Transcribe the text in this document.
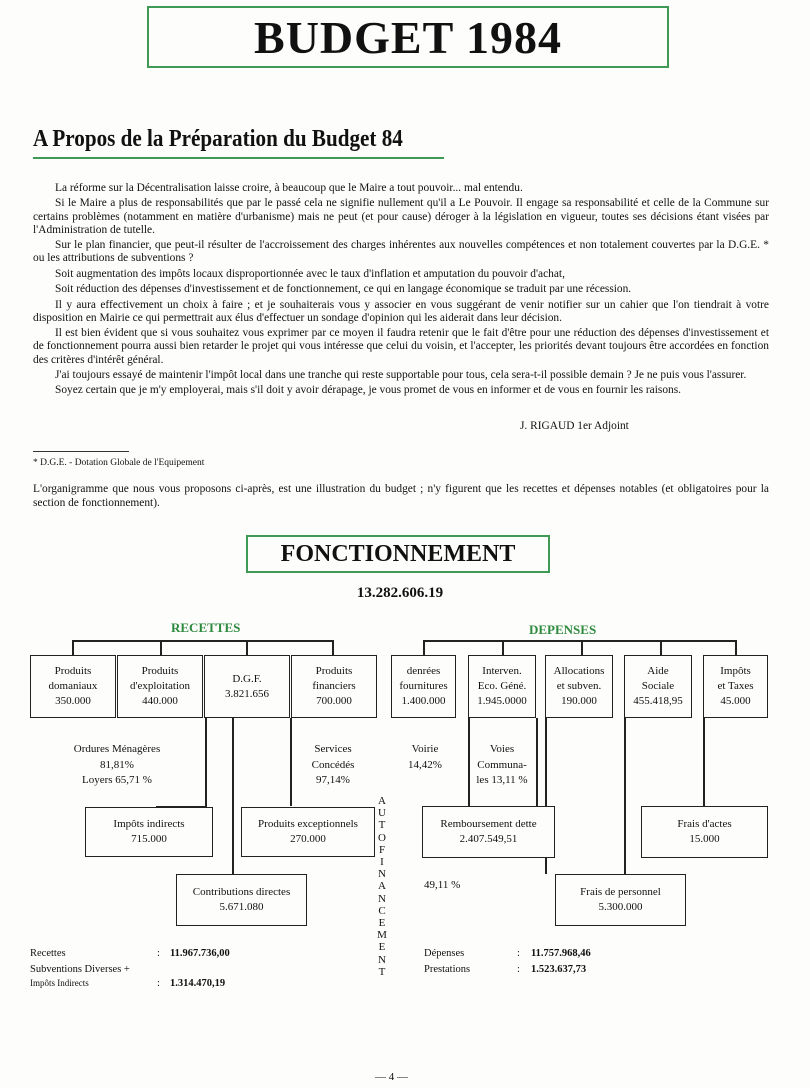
BUDGET 1984
A Propos de la Préparation du Budget 84

La réforme sur la Décentralisation laisse croire, à beaucoup que le Maire a tout pouvoir... mal entendu.

Si le Maire a plus de responsabilités que par le passé cela ne signifie nullement qu'il a Le Pouvoir. Il engage sa responsabilité et celle de la Commune sur certains problèmes (notamment en matière d'urbanisme) mais ne peut (et pour cause) déroger à la législation en vigueur, toutes ses décisions étant visées par l'Administration de tutelle.

Sur le plan financier, que peut-il résulter de l'accroissement des charges inhérentes aux nouvelles compétences et non totalement couvertes par la D.G.E. * ou les attributions de subventions ?

Soit augmentation des impôts locaux disproportionnée avec le taux d'inflation et amputation du pouvoir d'achat,

Soit réduction des dépenses d'investissement et de fonctionnement, ce qui en langage économique se traduit par une récession.

Il y aura effectivement un choix à faire ; et je souhaiterais vous y associer en vous suggérant de venir notifier sur un cahier que l'on tiendrait à votre disposition en Mairie ce qui permettrait aux élus d'effectuer un sondage d'opinion qui les aiderait dans leur décision.

Il est bien évident que si vous souhaitez vous exprimer par ce moyen il faudra retenir que le fait d'être pour une réduction des dépenses d'investissement et de fonctionnement pourra aussi bien retarder le projet qui vous intéresse que celui du voisin, et l'accepter, les priorités devant toujours être accordées en fonction des critères d'intérêt général.

J'ai toujours essayé de maintenir l'impôt local dans une tranche qui reste supportable pour tous, cela sera-t-il possible demain ? Je ne puis vous l'assurer.

Soyez certain que je m'y employerai, mais s'il doit y avoir dérapage, je vous promet de vous en informer et de vous en fournir les raisons.

J. RIGAUD 1er Adjoint
* D.G.E. - Dotation Globale de l'Equipement
L'organigramme que nous vous proposons ci-après, est une illustration du budget ; n'y figurent que les recettes et dépenses notables (et obligatoires pour la section de fonctionnement).
FONCTIONNEMENT
13.282.606.19
RECETTES	DEPENSES
Produits
domaniaux
350.000
Produits
d'exploitation
440.000
D.G.F.
3.821.656
Produits
financiers
700.000
denrées
fournitures
1.400.000
Interven.
Eco. Géné.
1.945.0000
Allocations
et subven.
190.000
Aide
Sociale
455.418,95
Impôts
et Taxes
45.000
Ordures Ménagères
81,81%
Loyers 65,71 %
Services
Concédés
97,14%
Voirie
14,42%
Voies
Communa-
les 13,11 %
49,11 %
Impôts indirects
715.000
Produits exceptionnels
270.000
Contributions directes
5.671.080
Remboursement dette
2.407.549,51
Frais d'actes
15.000
Frais de personnel
5.300.000
A
U
T
O
F
I
N
A
N
C
E
M
E
N
T
Recettes	: 11.967.736,00
Subventions Diverses +
Impôts Indirects	: 1.314.470,19
Dépenses	: 11.757.968,46
Prestations	: 1.523.637,73
— 4 —
